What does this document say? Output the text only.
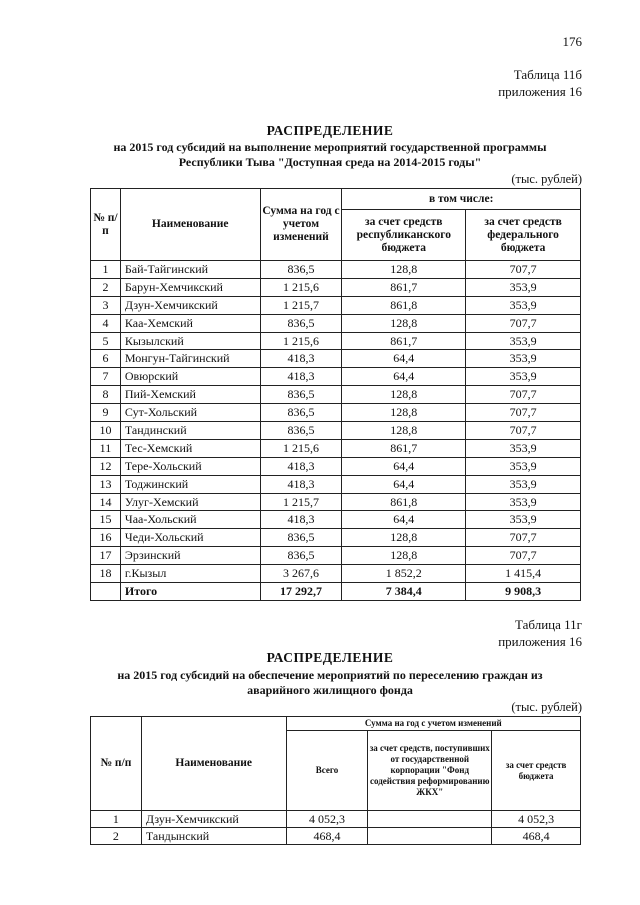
176
Таблица 11б
приложения 16
РАСПРЕДЕЛЕНИЕ
на 2015 год субсидий на выполнение мероприятий государственной программы
Республики Тыва "Доступная среда на 2014-2015 годы"
(тыс. рублей)
№ п/п	Наименование	Сумма на год с учетом изменений	в том числе:	
			за счет средств республиканского бюджета	за счет средств федерального бюджета
1	Бай-Тайгинский	836,5	128,8	707,7
2	Барун-Хемчикский	1 215,6	861,7	353,9
3	Дзун-Хемчикский	1 215,7	861,8	353,9
4	Каа-Хемский	836,5	128,8	707,7
5	Кызылский	1 215,6	861,7	353,9
6	Монгун-Тайгинский	418,3	64,4	353,9
7	Овюрский	418,3	64,4	353,9
8	Пий-Хемский	836,5	128,8	707,7
9	Сут-Хольский	836,5	128,8	707,7
10	Тандинский	836,5	128,8	707,7
11	Тес-Хемский	1 215,6	861,7	353,9
12	Тере-Хольский	418,3	64,4	353,9
13	Тоджинский	418,3	64,4	353,9
14	Улуг-Хемский	1 215,7	861,8	353,9
15	Чаа-Хольский	418,3	64,4	353,9
16	Чеди-Хольский	836,5	128,8	707,7
17	Эрзинский	836,5	128,8	707,7
18	г.Кызыл	3 267,6	1 852,2	1 415,4
	Итого	17 292,7	7 384,4	9 908,3
Таблица 11г
приложения 16
РАСПРЕДЕЛЕНИЕ
на 2015 год субсидий на обеспечение мероприятий по переселению граждан из
аварийного жилищного фонда
(тыс. рублей)
№ п/п	Наименование	Сумма на год с учетом изменений		
		Всего	за счет средств, поступивших от государственной корпорации "Фонд содействия реформированию ЖКХ"	за счет средств бюджета
1	Дзун-Хемчикский	4 052,3		4 052,3
2	Тандынский	468,4		468,4
